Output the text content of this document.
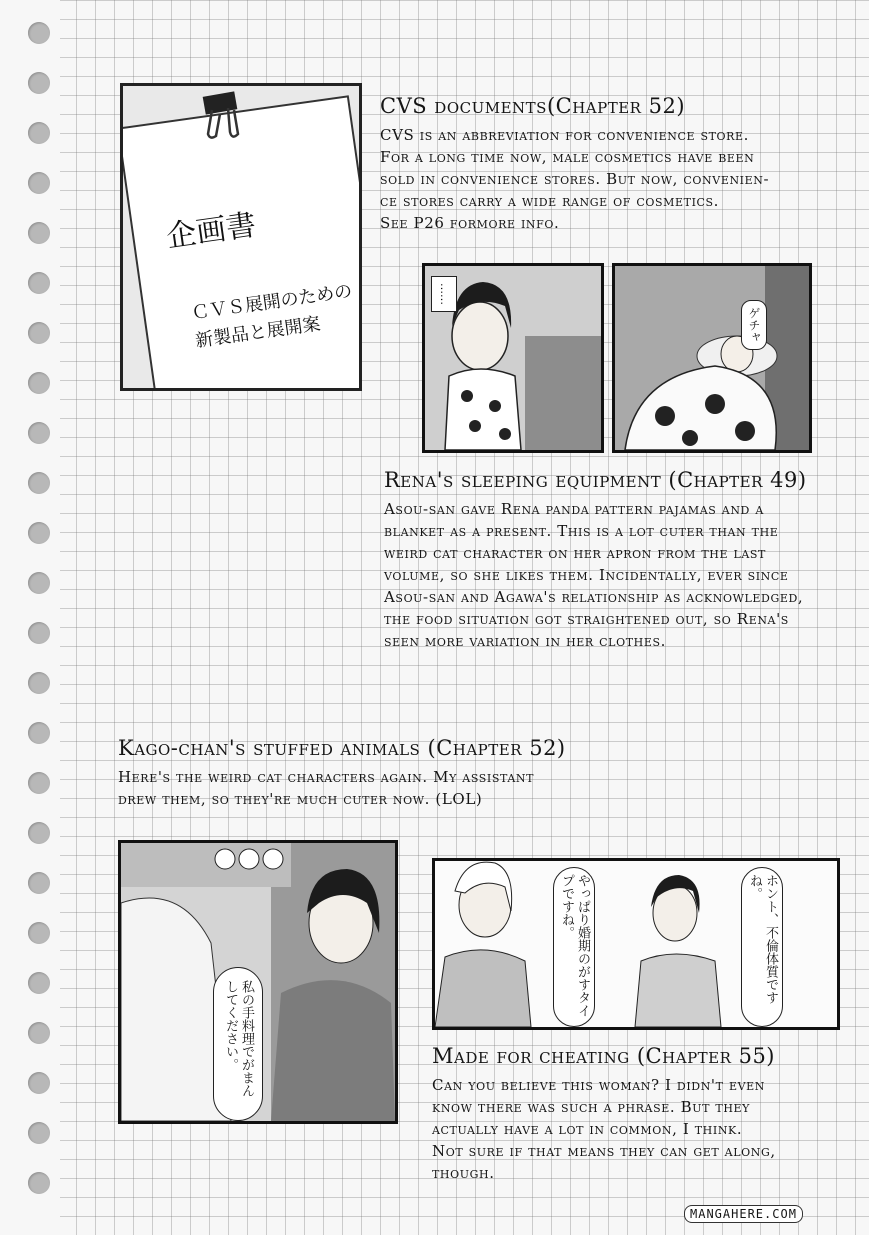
企画書
ＣＶＳ展開のための
新製品と展開案
CVS documents(Chapter 52)

CVS is an abbreviation for convenience store.

For a long time now, male cosmetics have been

sold in convenience stores. But now, convenien-

ce stores carry a wide range of cosmetics.

See P26 formore info.

……
ゲチャ
Rena's sleeping equipment (Chapter 49)

Asou-san gave Rena panda pattern pajamas and a

blanket as a present. This is a lot cuter than the

weird cat character on her apron from the last

volume, so she likes them. Incidentally, ever since

Asou-san and Agawa's relationship as acknowledged,

the food situation got straightened out, so Rena's

seen more variation in her clothes.

Kago-chan's stuffed animals (Chapter 52)

Here's the weird cat characters again. My assistant

drew them, so they're much cuter now. (LOL)

私の手料理でがまんしてください。
やっぱり婚期のがすタイプですね。	ホント、不倫体質ですね。
Made for cheating (Chapter 55)

Can you believe this woman? I didn't even

know there was such a phrase. But they

actually have a lot in common, I think.

Not sure if that means they can get along,

though.

MANGAHERE.COM
